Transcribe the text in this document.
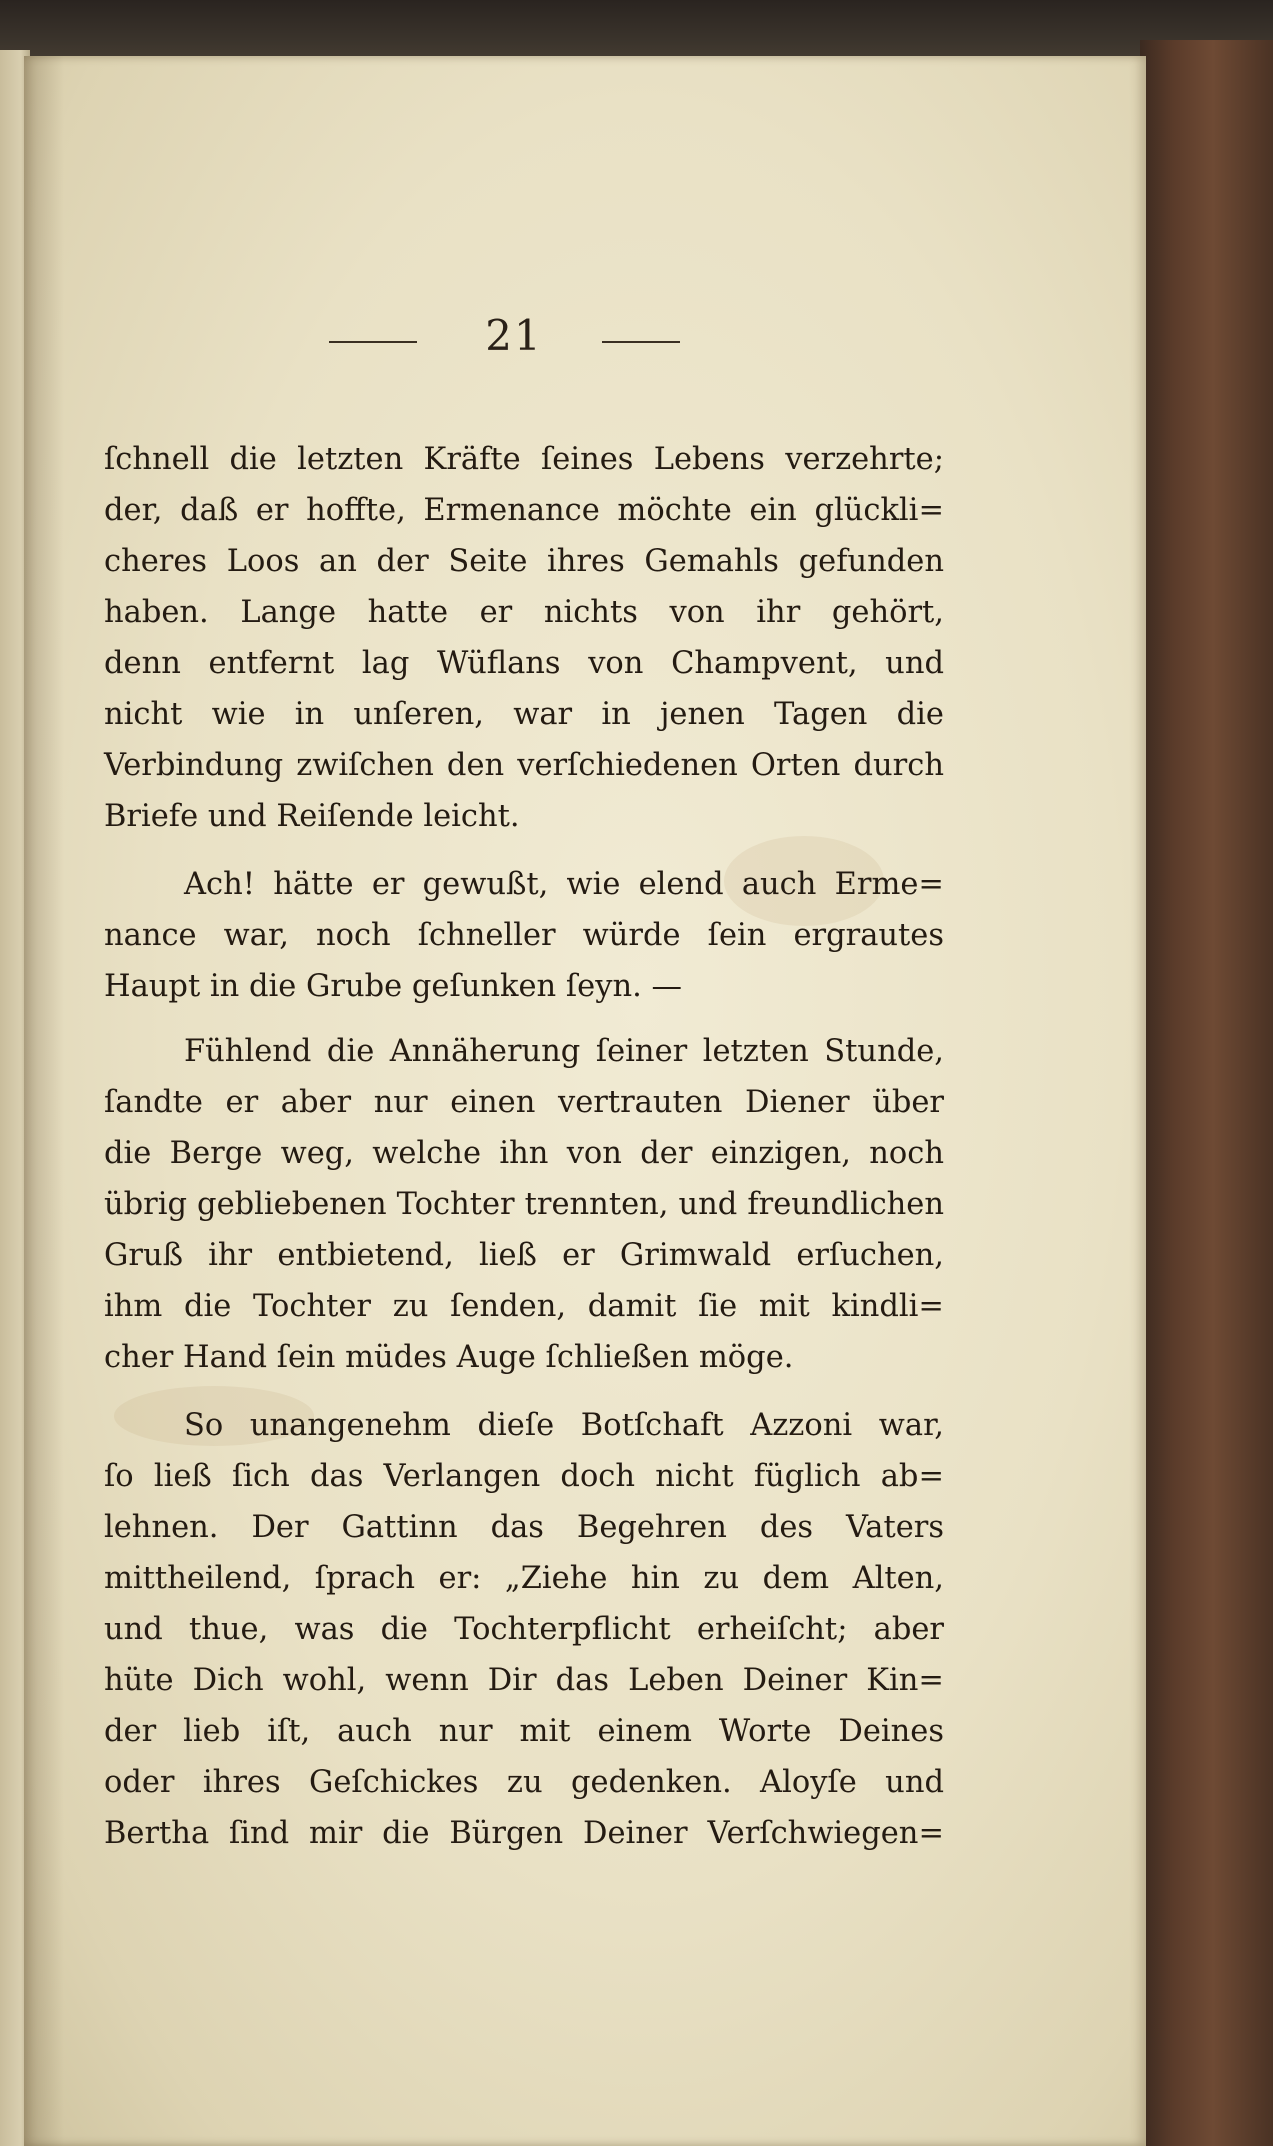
21
ſchnell die letzten Kräfte ſeines Lebens verzehrte;
der, daß er hoffte, Ermenance möchte ein glückli=
cheres Loos an der Seite ihres Gemahls gefunden
haben. Lange hatte er nichts von ihr gehört,
denn entfernt lag Wüflans von Champvent, und
nicht wie in unſeren, war in jenen Tagen die
Verbindung zwiſchen den verſchiedenen Orten durch
Briefe und Reiſende leicht.
Ach! hätte er gewußt, wie elend auch Erme=
nance war, noch ſchneller würde ſein ergrautes
Haupt in die Grube geſunken ſeyn. —
Fühlend die Annäherung ſeiner letzten Stunde,
ſandte er aber nur einen vertrauten Diener über
die Berge weg, welche ihn von der einzigen, noch
übrig gebliebenen Tochter trennten, und freundlichen
Gruß ihr entbietend, ließ er Grimwald erſuchen,
ihm die Tochter zu ſenden, damit ſie mit kindli=
cher Hand ſein müdes Auge ſchließen möge.
So unangenehm dieſe Botſchaft Azzoni war,
ſo ließ ſich das Verlangen doch nicht füglich ab=
lehnen. Der Gattinn das Begehren des Vaters
mittheilend, ſprach er: „Ziehe hin zu dem Alten,
und thue, was die Tochterpflicht erheiſcht; aber
hüte Dich wohl, wenn Dir das Leben Deiner Kin=
der lieb iſt, auch nur mit einem Worte Deines
oder ihres Geſchickes zu gedenken. Aloyſe und
Bertha ſind mir die Bürgen Deiner Verſchwiegen=
